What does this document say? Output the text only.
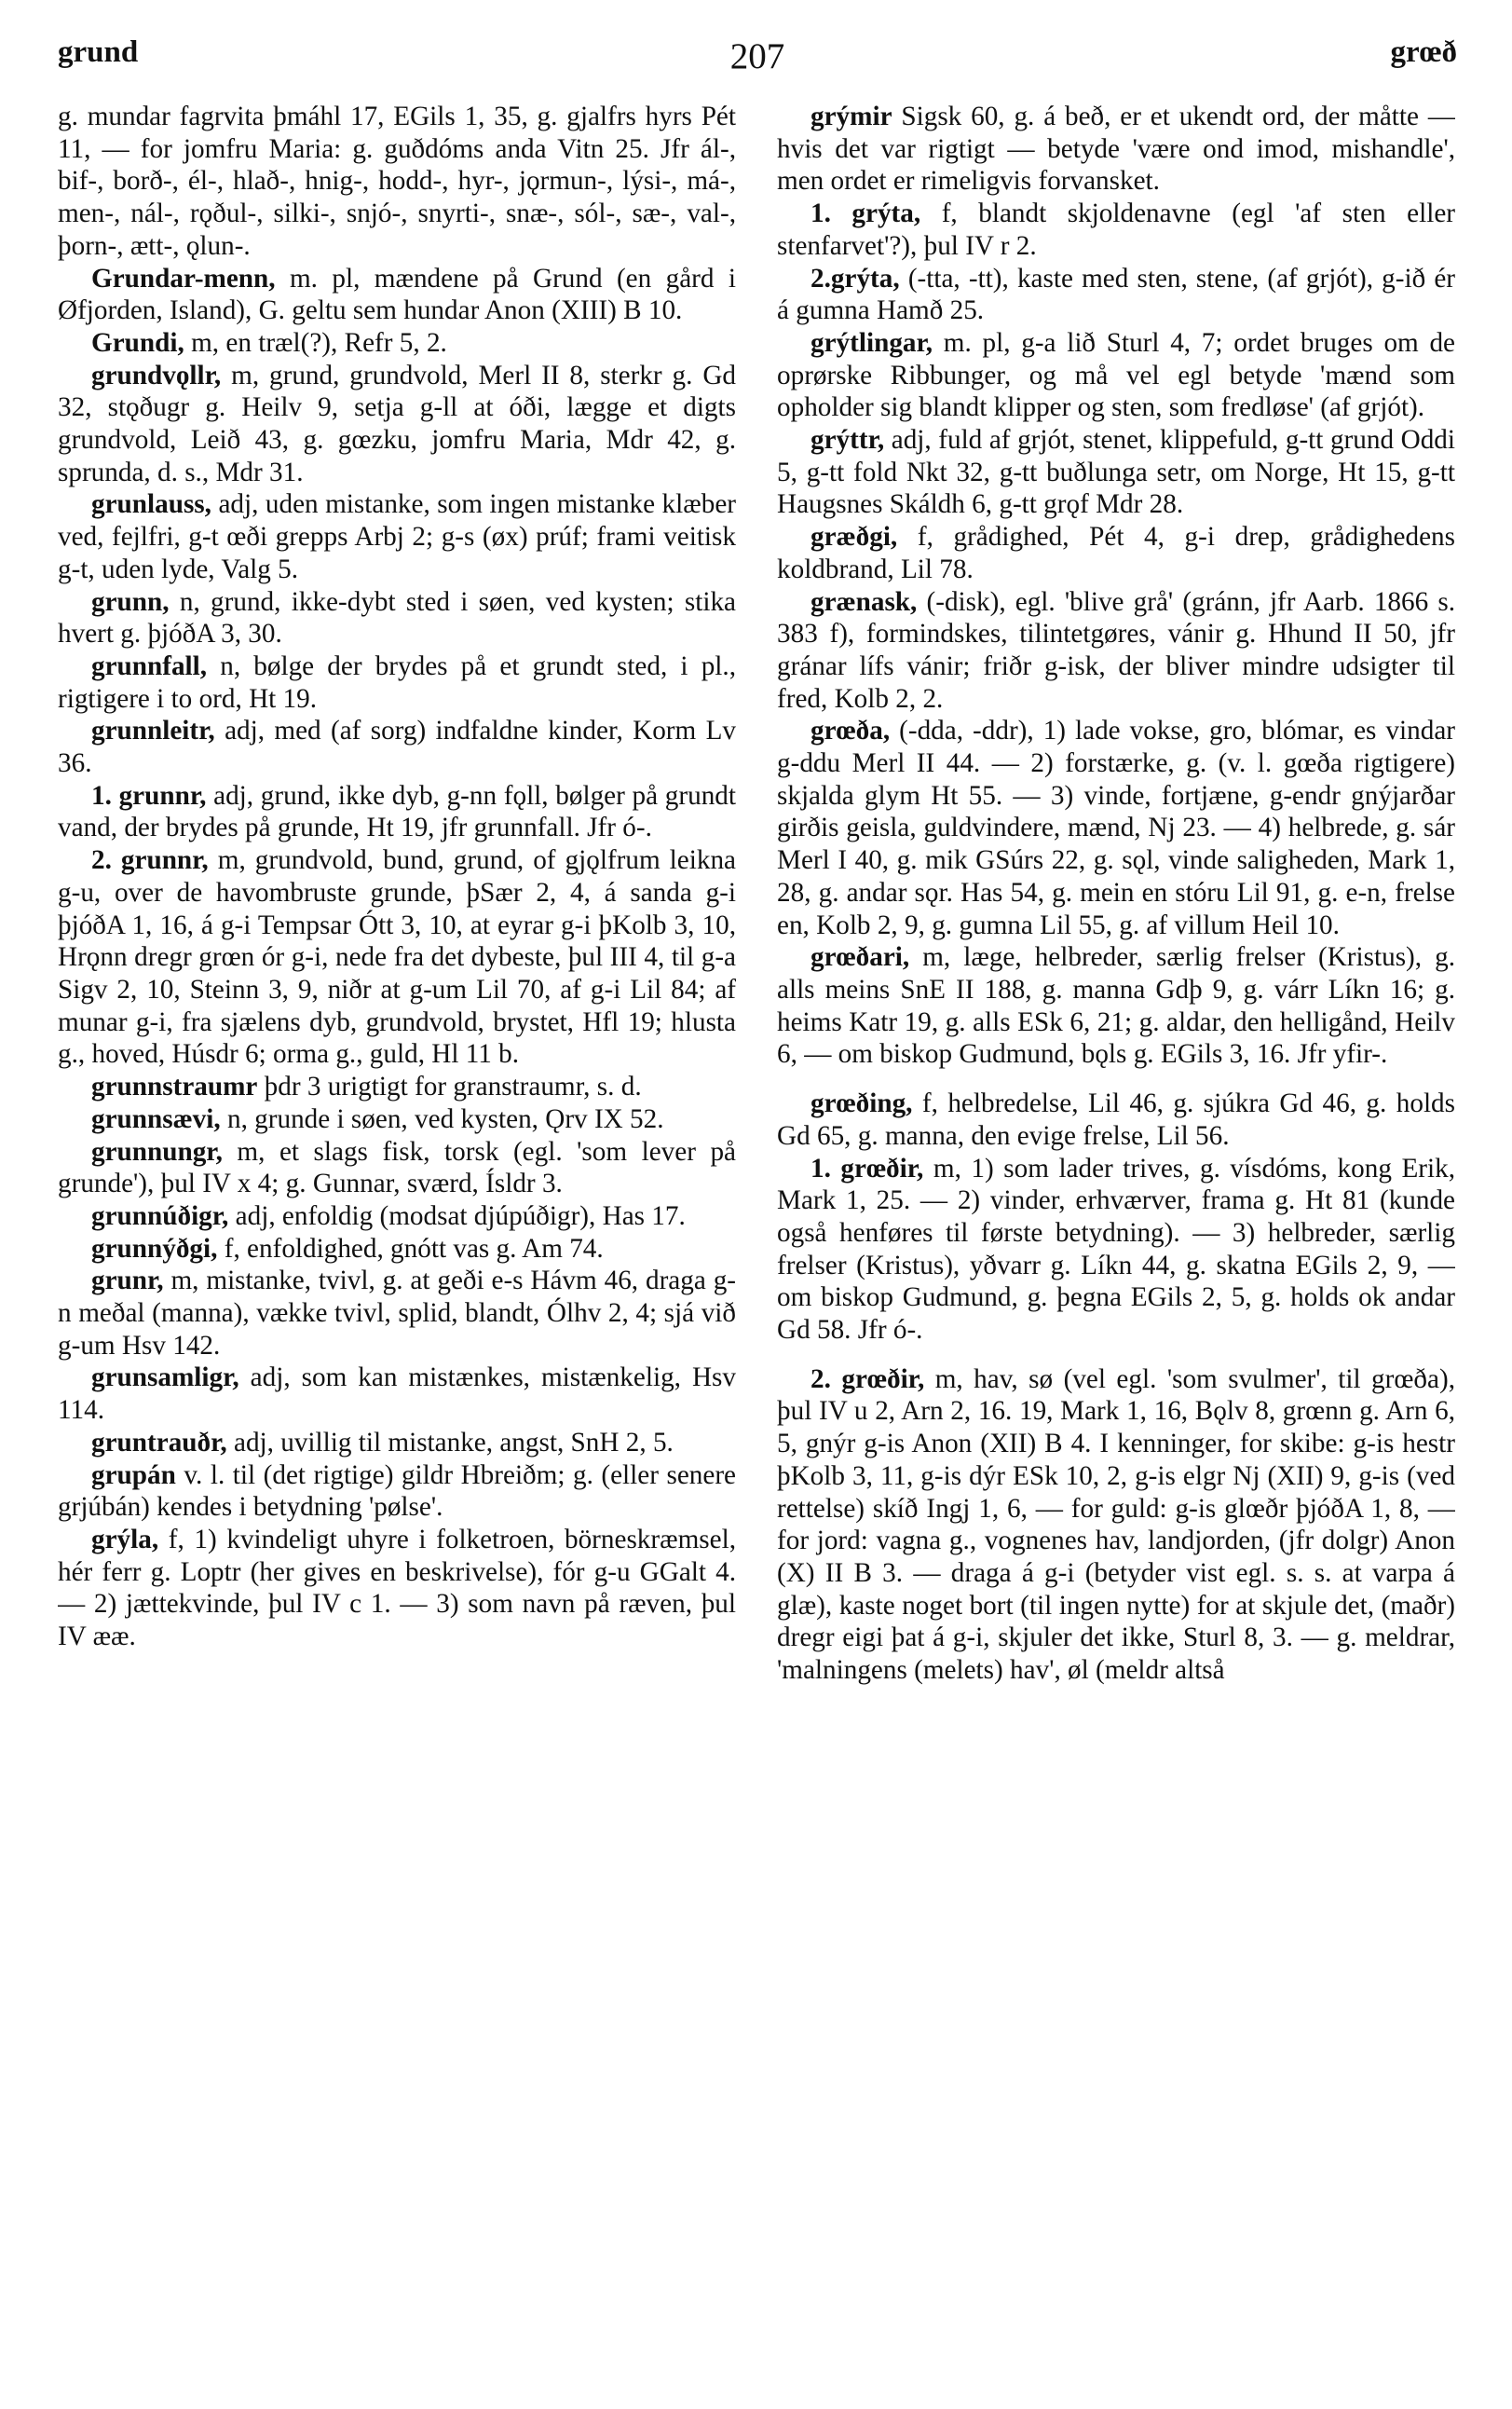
grund	207	grœð

g. mundar fagrvita þmáhl 17, EGils 1, 35, g. gjalfrs hyrs Pét 11, — for jomfru Maria: g. guðdóms anda Vitn 25. Jfr ál-, bif-, borð-, él-, hlað-, hnig-, hodd-, hyr-, jǫrmun-, lýsi-, má-, men-, nál-, rǫðul-, silki-, snjó-, snyrti-, snæ-, sól-, sæ-, val-, þorn-, ætt-, ǫlun-.

Grundar-menn, m. pl, mændene på Grund (en gård i Øfjorden, Island), G. geltu sem hundar Anon (XIII) B 10.

Grundi, m, en træl(?), Refr 5, 2.

grundvǫllr, m, grund, grundvold, Merl II 8, sterkr g. Gd 32, stǫðugr g. Heilv 9, setja g-ll at óði, lægge et digts grundvold, Leið 43, g. gœzku, jomfru Maria, Mdr 42, g. sprunda, d. s., Mdr 31.

grunlauss, adj, uden mistanke, som ingen mistanke klæber ved, fejlfri, g-t œði grepps Arbj 2; g-s (øx) prúf; frami veitisk g-t, uden lyde, Valg 5.

grunn, n, grund, ikke-dybt sted i søen, ved kysten; stika hvert g. þjóðA 3, 30.

grunnfall, n, bølge der brydes på et grundt sted, i pl., rigtigere i to ord, Ht 19.

grunnleitr, adj, med (af sorg) indfaldne kinder, Korm Lv 36.

1. grunnr, adj, grund, ikke dyb, g-nn fǫll, bølger på grundt vand, der brydes på grunde, Ht 19, jfr grunnfall. Jfr ó-.

2. grunnr, m, grundvold, bund, grund, of gjǫlfrum leikna g-u, over de havombruste grunde, þSær 2, 4, á sanda g-i þjóðA 1, 16, á g-i Tempsar Ótt 3, 10, at eyrar g-i þKolb 3, 10, Hrǫnn dregr grœn ór g-i, nede fra det dybeste, þul III 4, til g-a Sigv 2, 10, Steinn 3, 9, niðr at g-um Lil 70, af g-i Lil 84; af munar g-i, fra sjælens dyb, grundvold, brystet, Hfl 19; hlusta g., hoved, Húsdr 6; orma g., guld, Hl 11 b.

grunnstraumr þdr 3 urigtigt for granstraumr, s. d.

grunnsævi, n, grunde i søen, ved kysten, Ǫrv IX 52.

grunnungr, m, et slags fisk, torsk (egl. 'som lever på grunde'), þul IV x 4; g. Gunnar, sværd, Ísldr 3.

grunnúðigr, adj, enfoldig (modsat djúpúðigr), Has 17.

grunnýðgi, f, enfoldighed, gnótt vas g. Am 74.

grunr, m, mistanke, tvivl, g. at geði e-s Hávm 46, draga g-n meðal (manna), vække tvivl, splid, blandt, Ólhv 2, 4; sjá við g-um Hsv 142.

grunsamligr, adj, som kan mistænkes, mistænkelig, Hsv 114.

gruntrauðr, adj, uvillig til mistanke, angst, SnH 2, 5.

grupán v. l. til (det rigtige) gildr Hbreiðm; g. (eller senere grjúbán) kendes i betydning 'pølse'.

grýla, f, 1) kvindeligt uhyre i folketroen, börneskræmsel, hér ferr g. Loptr (her gives en beskrivelse), fór g-u GGalt 4. — 2) jættekvinde, þul IV c 1. — 3) som navn på ræven, þul IV ææ.

grýmir Sigsk 60, g. á beð, er et ukendt ord, der måtte — hvis det var rigtigt — betyde 'være ond imod, mishandle', men ordet er rimeligvis forvansket.

1. grýta, f, blandt skjoldenavne (egl 'af sten eller stenfarvet'?), þul IV r 2.

2.grýta, (-tta, -tt), kaste med sten, stene, (af grjót), g-ið ér á gumna Hamð 25.

grýtlingar, m. pl, g-a lið Sturl 4, 7; ordet bruges om de oprørske Ribbunger, og må vel egl betyde 'mænd som opholder sig blandt klipper og sten, som fredløse' (af grjót).

grýttr, adj, fuld af grjót, stenet, klippefuld, g-tt grund Oddi 5, g-tt fold Nkt 32, g-tt buðlunga setr, om Norge, Ht 15, g-tt Haugsnes Skáldh 6, g-tt grǫf Mdr 28.

græðgi, f, grådighed, Pét 4, g-i drep, grådighedens koldbrand, Lil 78.

grænask, (-disk), egl. 'blive grå' (gránn, jfr Aarb. 1866 s. 383 f), formindskes, tilintetgøres, vánir g. Hhund II 50, jfr gránar lífs vánir; friðr g-isk, der bliver mindre udsigter til fred, Kolb 2, 2.

grœða, (-dda, -ddr), 1) lade vokse, gro, blómar, es vindar g-ddu Merl II 44. — 2) forstærke, g. (v. l. gœða rigtigere) skjalda glym Ht 55. — 3) vinde, fortjæne, g-endr gnýjarðar girðis geisla, guldvindere, mænd, Nj 23. — 4) helbrede, g. sár Merl I 40, g. mik GSúrs 22, g. sǫl, vinde saligheden, Mark 1, 28, g. andar sǫr. Has 54, g. mein en stóru Lil 91, g. e-n, frelse en, Kolb 2, 9, g. gumna Lil 55, g. af villum Heil 10.

grœðari, m, læge, helbreder, særlig frelser (Kristus), g. alls meins SnE II 188, g. manna Gdþ 9, g. várr Líkn 16; g. heims Katr 19, g. alls ESk 6, 21; g. aldar, den helligånd, Heilv 6, — om biskop Gudmund, bǫls g. EGils 3, 16. Jfr yfir-.

grœðing, f, helbredelse, Lil 46, g. sjúkra Gd 46, g. holds Gd 65, g. manna, den evige frelse, Lil 56.

1. grœðir, m, 1) som lader trives, g. vísdóms, kong Erik, Mark 1, 25. — 2) vinder, erhværver, frama g. Ht 81 (kunde også henføres til første betydning). — 3) helbreder, særlig frelser (Kristus), yðvarr g. Líkn 44, g. skatna EGils 2, 9, — om biskop Gudmund, g. þegna EGils 2, 5, g. holds ok andar Gd 58. Jfr ó-.

2. grœðir, m, hav, sø (vel egl. 'som svulmer', til grœða), þul IV u 2, Arn 2, 16. 19, Mark 1, 16, Bǫlv 8, grœnn g. Arn 6, 5, gnýr g-is Anon (XII) B 4. I kenninger, for skibe: g-is hestr þKolb 3, 11, g-is dýr ESk 10, 2, g-is elgr Nj (XII) 9, g-is (ved rettelse) skíð Ingj 1, 6, — for guld: g-is glœðr þjóðA 1, 8, — for jord: vagna g., vognenes hav, landjorden, (jfr dolgr) Anon (X) II B 3. — draga á g-i (betyder vist egl. s. s. at varpa á glæ), kaste noget bort (til ingen nytte) for at skjule det, (maðr) dregr eigi þat á g-i, skjuler det ikke, Sturl 8, 3. — g. meldrar, 'malningens (melets) hav', øl (meldr altså
